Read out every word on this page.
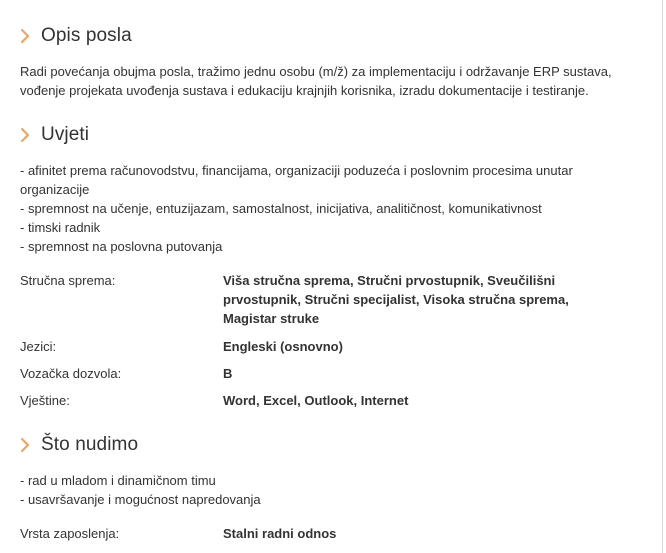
Opis posla
Radi povećanja obujma posla, tražimo jednu osobu (m/ž) za implementaciju i održavanje ERP sustava,
vođenje projekata uvođenja sustava i edukaciju krajnjih korisnika, izradu dokumentacije i testiranje.
Uvjeti
- afinitet prema računovodstvu, financijama, organizaciji poduzeća i poslovnim procesima unutar
organizacije
- spremnost na učenje, entuzijazam, samostalnost, inicijativa, analitičnost, komunikativnost
- timski radnik
- spremnost na poslovna putovanja
Stručna sprema:	Viša stručna sprema, Stručni prvostupnik, Sveučilišni prvostupnik, Stručni specijalist, Visoka stručna sprema, Magistar struke
Jezici:	Engleski (osnovno)
Vozačka dozvola:	B
Vještine:	Word, Excel, Outlook, Internet
Što nudimo
- rad u mladom i dinamičnom timu
- usavršavanje i mogućnost napredovanja
Vrsta zaposlenja:	Stalni radni odnos
